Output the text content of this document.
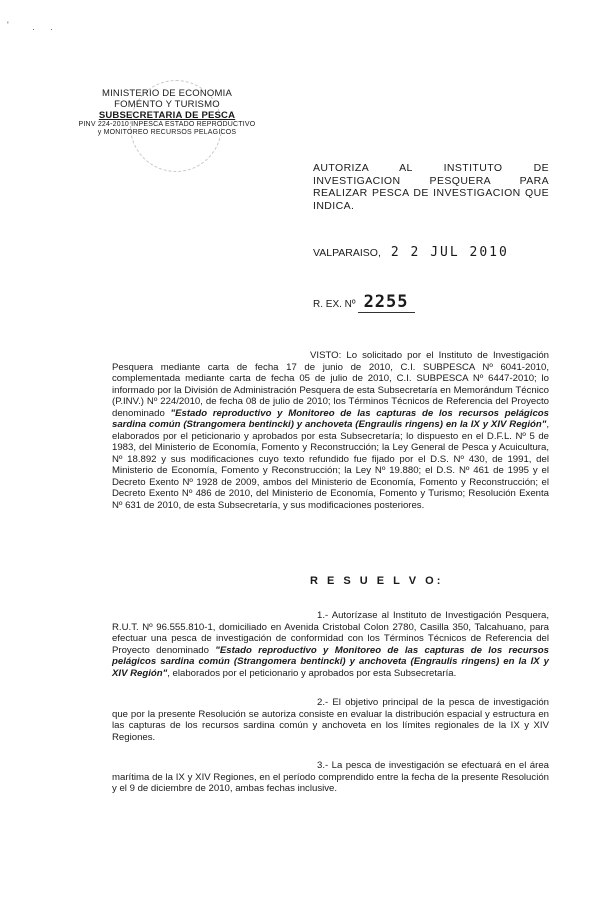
'	· ·
MINISTERIO DE ECONOMIA
FOMENTO Y TURISMO
SUBSECRETARIA DE PESCA
PINV 224-2010 INPESCA ESTADO REPRODUCTIVO
y MONITOREO RECURSOS PELAGICOS
AUTORIZA AL INSTITUTO DE INVESTIGACION PESQUERA PARA REALIZAR PESCA DE INVESTIGACION QUE INDICA.
VALPARAISO, 2 2 JUL 2010
R. EX. Nº 2255
VISTO: Lo solicitado por el Instituto de Investigación Pesquera mediante carta de fecha 17 de junio de 2010, C.I. SUBPESCA Nº 6041-2010, complementada mediante carta de fecha 05 de julio de 2010, C.I. SUBPESCA Nº 6447-2010; lo informado por la División de Administración Pesquera de esta Subsecretaría en Memorándum Técnico (P.INV.) Nº 224/2010, de fecha 08 de julio de 2010; los Términos Técnicos de Referencia del Proyecto denominado "Estado reproductivo y Monitoreo de las capturas de los recursos pelágicos sardina común (Strangomera bentincki) y anchoveta (Engraulis ringens) en la IX y XIV Región", elaborados por el peticionario y aprobados por esta Subsecretaría; lo dispuesto en el D.F.L. Nº 5 de 1983, del Ministerio de Economía, Fomento y Reconstrucción; la Ley General de Pesca y Acuicultura, Nº 18.892 y sus modificaciones cuyo texto refundido fue fijado por el D.S. Nº 430, de 1991, del Ministerio de Economía, Fomento y Reconstrucción; la Ley Nº 19.880; el D.S. Nº 461 de 1995 y el Decreto Exento Nº 1928 de 2009, ambos del Ministerio de Economía, Fomento y Reconstrucción; el Decreto Exento Nº 486 de 2010, del Ministerio de Economía, Fomento y Turismo; Resolución Exenta Nº 631 de 2010, de esta Subsecretaría, y sus modificaciones posteriores.
R E S U E L V O:
1.- Autorízase al Instituto de Investigación Pesquera, R.U.T. Nº 96.555.810-1, domiciliado en Avenida Cristobal Colon 2780, Casilla 350, Talcahuano, para efectuar una pesca de investigación de conformidad con los Términos Técnicos de Referencia del Proyecto denominado "Estado reproductivo y Monitoreo de las capturas de los recursos pelágicos sardina común (Strangomera bentincki) y anchoveta (Engraulis ringens) en la IX y XIV Región", elaborados por el peticionario y aprobados por esta Subsecretaría.
2.- El objetivo principal de la pesca de investigación que por la presente Resolución se autoriza consiste en evaluar la distribución espacial y estructura en las capturas de los recursos sardina común y anchoveta en los límites regionales de la IX y XIV Regiones.
3.- La pesca de investigación se efectuará en el área marítima de la IX y XIV Regiones, en el período comprendido entre la fecha de la presente Resolución y el 9 de diciembre de 2010, ambas fechas inclusive.
